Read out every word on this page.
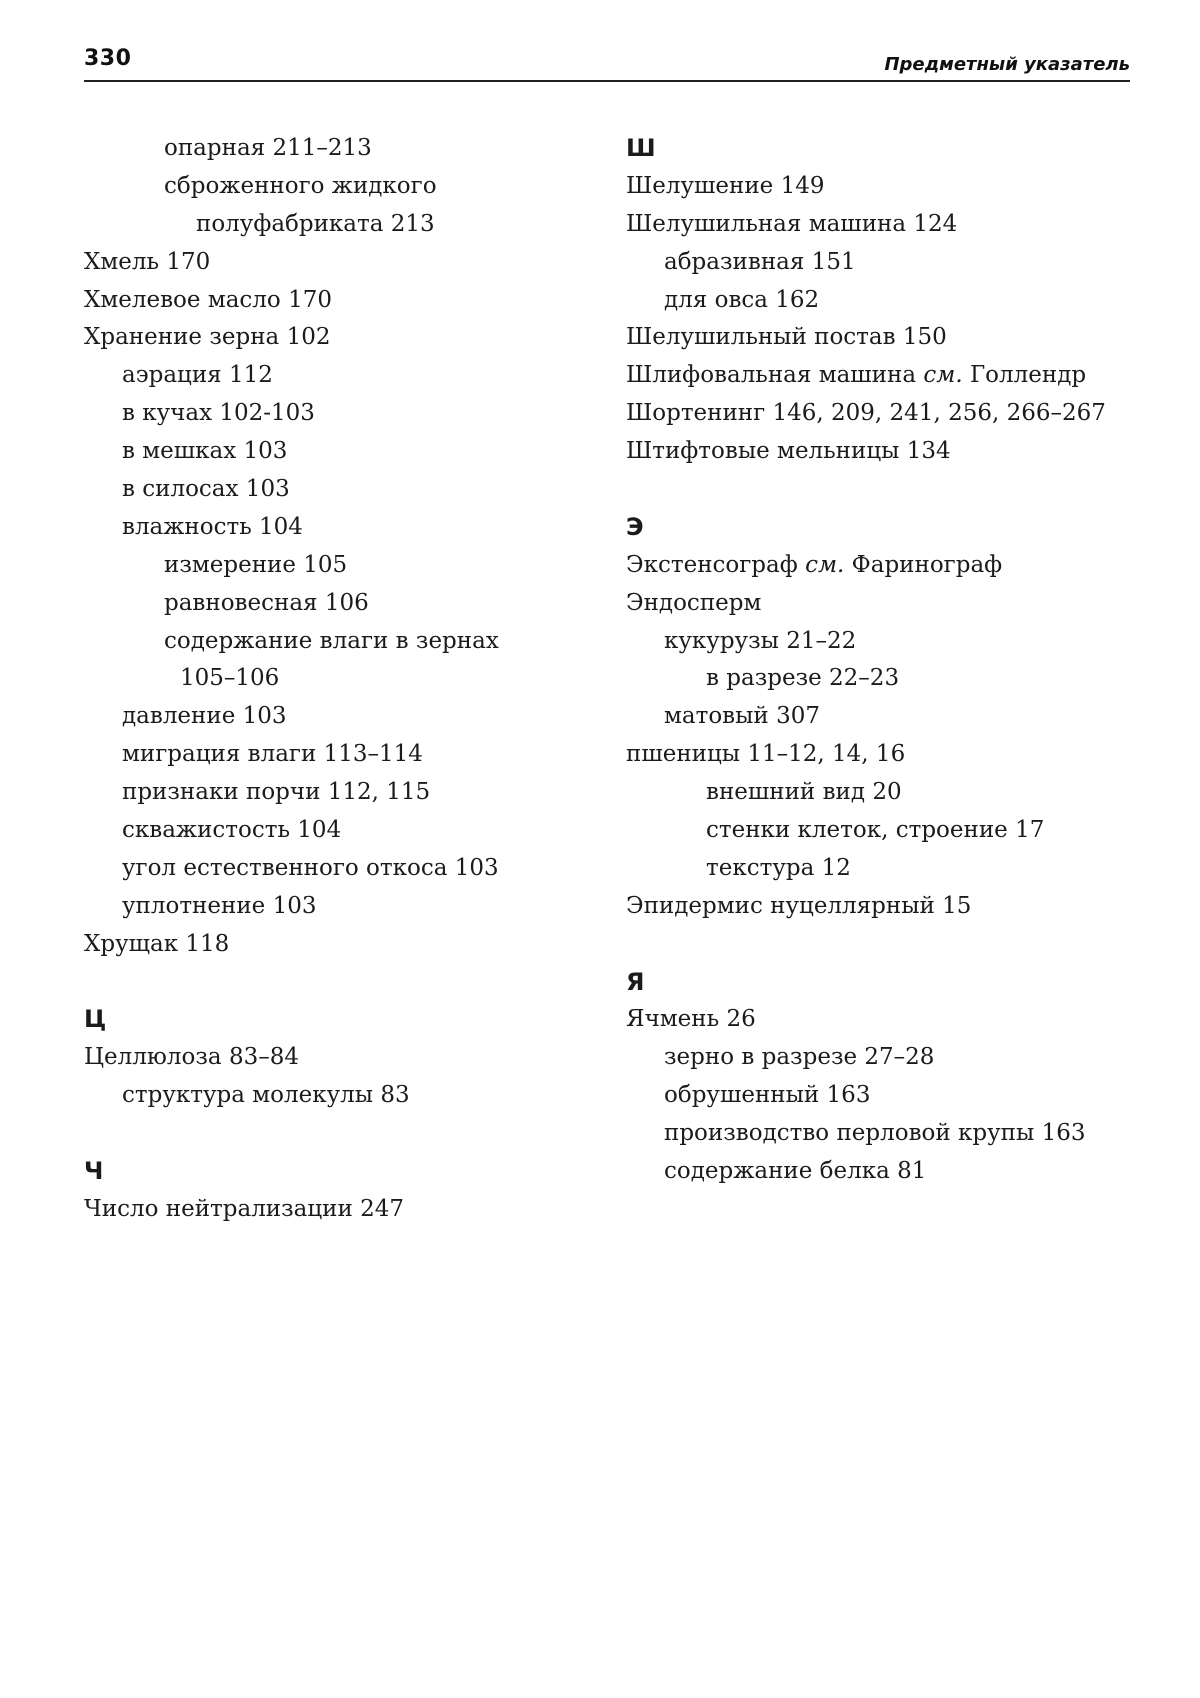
330	Предметный указатель
опарная 211–213
сброженного жидкого
полуфабриката 213
Хмель 170
Хмелевое масло 170
Хранение зерна 102
аэрация 112
в кучах 102-103
в мешках 103
в силосах 103
влажность 104
измерение 105
равновесная 106
содержание влаги в зернах
105–106
давление 103
миграция влаги 113–114
признаки порчи 112, 115
скважистость 104
угол естественного откоса 103
уплотнение 103
Хрущак 118
Ц
Целлюлоза 83–84
структура молекулы 83
Ч
Число нейтрализации 247
Ш
Шелушение 149
Шелушильная машина 124
абразивная 151
для овса 162
Шелушильный постав 150
Шлифовальная машина см. Голлендр
Шортенинг 146, 209, 241, 256, 266–267
Штифтовые мельницы 134
Э
Экстенсограф см. Фаринограф
Эндосперм
кукурузы 21–22
в разрезе 22–23
матовый 307
пшеницы 11–12, 14, 16
внешний вид 20
стенки клеток, строение 17
текстура 12
Эпидермис нуцеллярный 15
Я
Ячмень 26
зерно в разрезе 27–28
обрушенный 163
производство перловой крупы 163
содержание белка 81
